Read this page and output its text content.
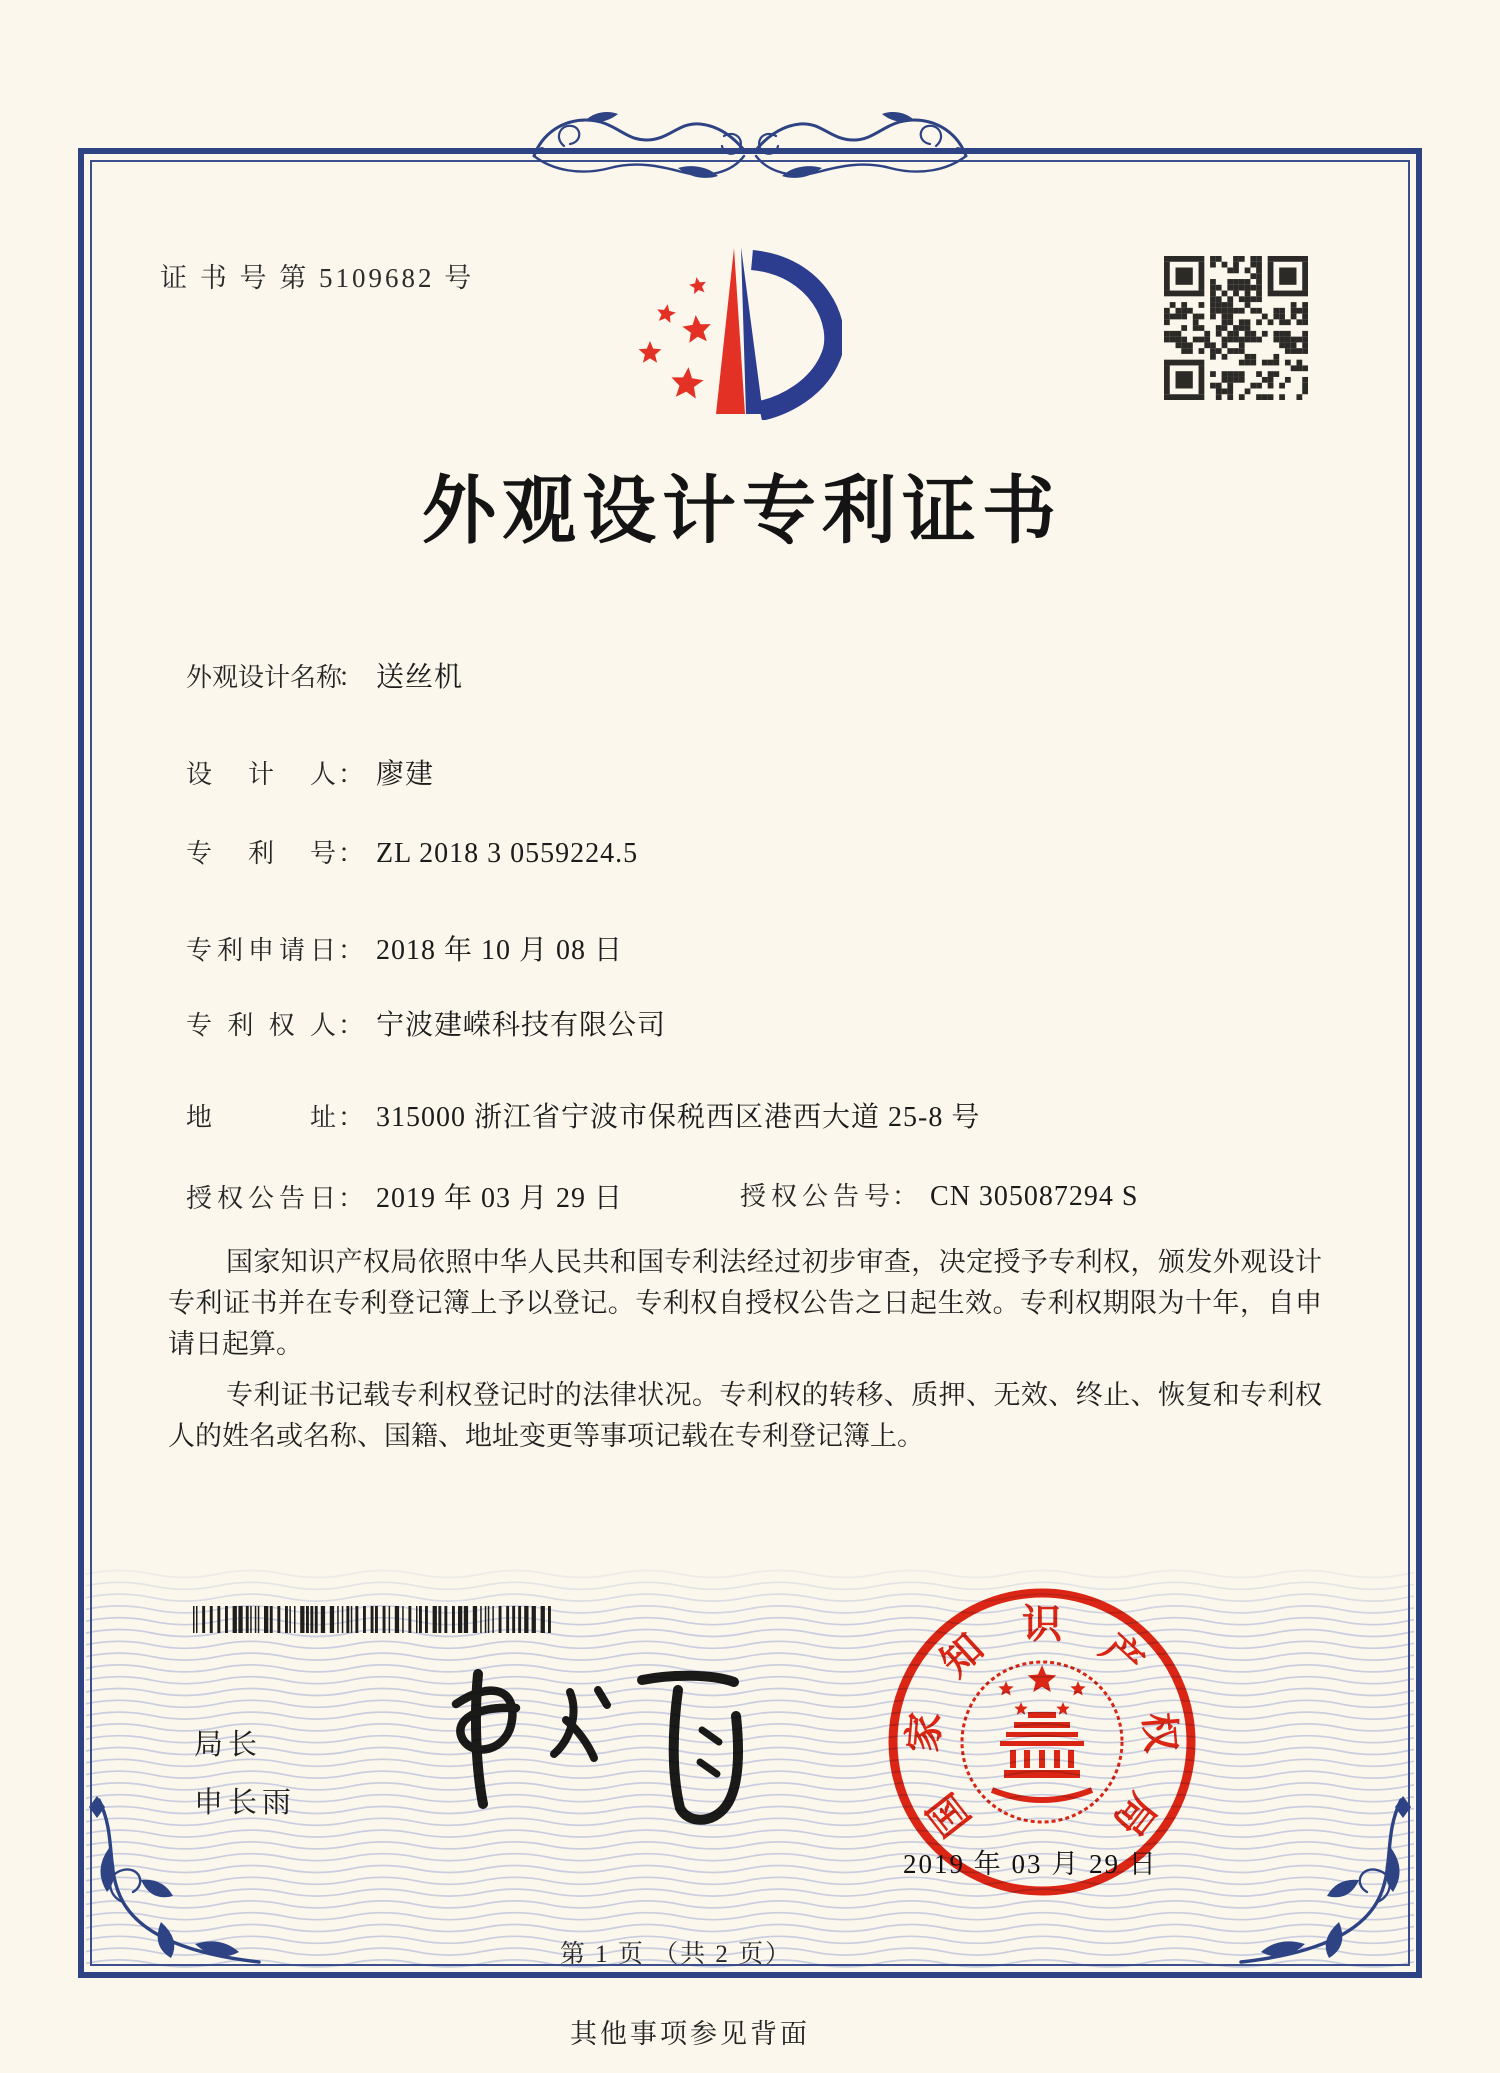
证 书 号 第 5109682 号
外观设计专利证书
外观设计名称
： 送丝机
设计人 ： 廖建
专利号 ： ZL 2018 3 0559224.5
专利申请日 ： 2018 年 10 月 08 日
专利权人 ： 宁波建嵘科技有限公司
地址 ： 315000 浙江省宁波市保税西区港西大道 25-8 号
授权公告日 ： 2019 年 03 月 29 日	授权公告号 ： CN 305087294 S

国家知识产权局依照中华人民共和国专利法经过初步审查，决定授予专利权，颁发外观设计专利证书并在专利登记簿上予以登记。专利权自授权公告之日起生效。专利权期限为十年，自申请日起算。

专利证书记载专利权登记时的法律状况。专利权的转移、质押、无效、终止、恢复和专利权人的姓名或名称、国籍、地址变更等事项记载在专利登记簿上。

局长
申长雨	国
家
知
识
产
权
局
2019 年 03 月 29 日
第 1 页 （共 2 页）
其他事项参见背面
